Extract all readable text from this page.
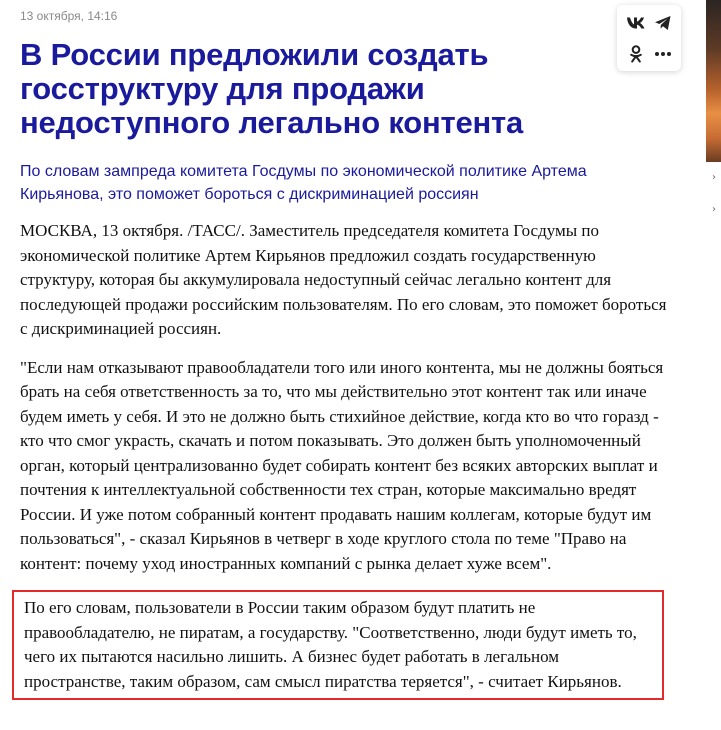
13 октября, 14:16
В России предложили создать госструктуру для продажи недоступного легально контента

По словам зампреда комитета Госдумы по экономической политике Артема Кирьянова, это поможет бороться с дискриминацией россиян

МОСКВА, 13 октября. /ТАСС/. Заместитель председателя комитета Госдумы по экономической политике Артем Кирьянов предложил создать государственную структуру, которая бы аккумулировала недоступный сейчас легально контент для последующей продажи российским пользователям. По его словам, это поможет бороться с дискриминацией россиян.

"Если нам отказывают правообладатели того или иного контента, мы не должны бояться брать на себя ответственность за то, что мы действительно этот контент так или иначе будем иметь у себя. И это не должно быть стихийное действие, когда кто во что горазд - кто что смог украсть, скачать и потом показывать. Это должен быть уполномоченный орган, который централизованно будет собирать контент без всяких авторских выплат и почтения к интеллектуальной собственности тех стран, которые максимально вредят России. И уже потом собранный контент продавать нашим коллегам, которые будут им пользоваться", - сказал Кирьянов в четверг в ходе круглого стола по теме "Право на контент: почему уход иностранных компаний с рынка делает хуже всем".

По его словам, пользователи в России таким образом будут платить не правообладателю, не пиратам, а государству. "Соответственно, люди будут иметь то, чего их пытаются насильно лишить. А бизнес будет работать в легальном пространстве, таким образом, сам смысл пиратства теряется", - считает Кирьянов.

›
›
